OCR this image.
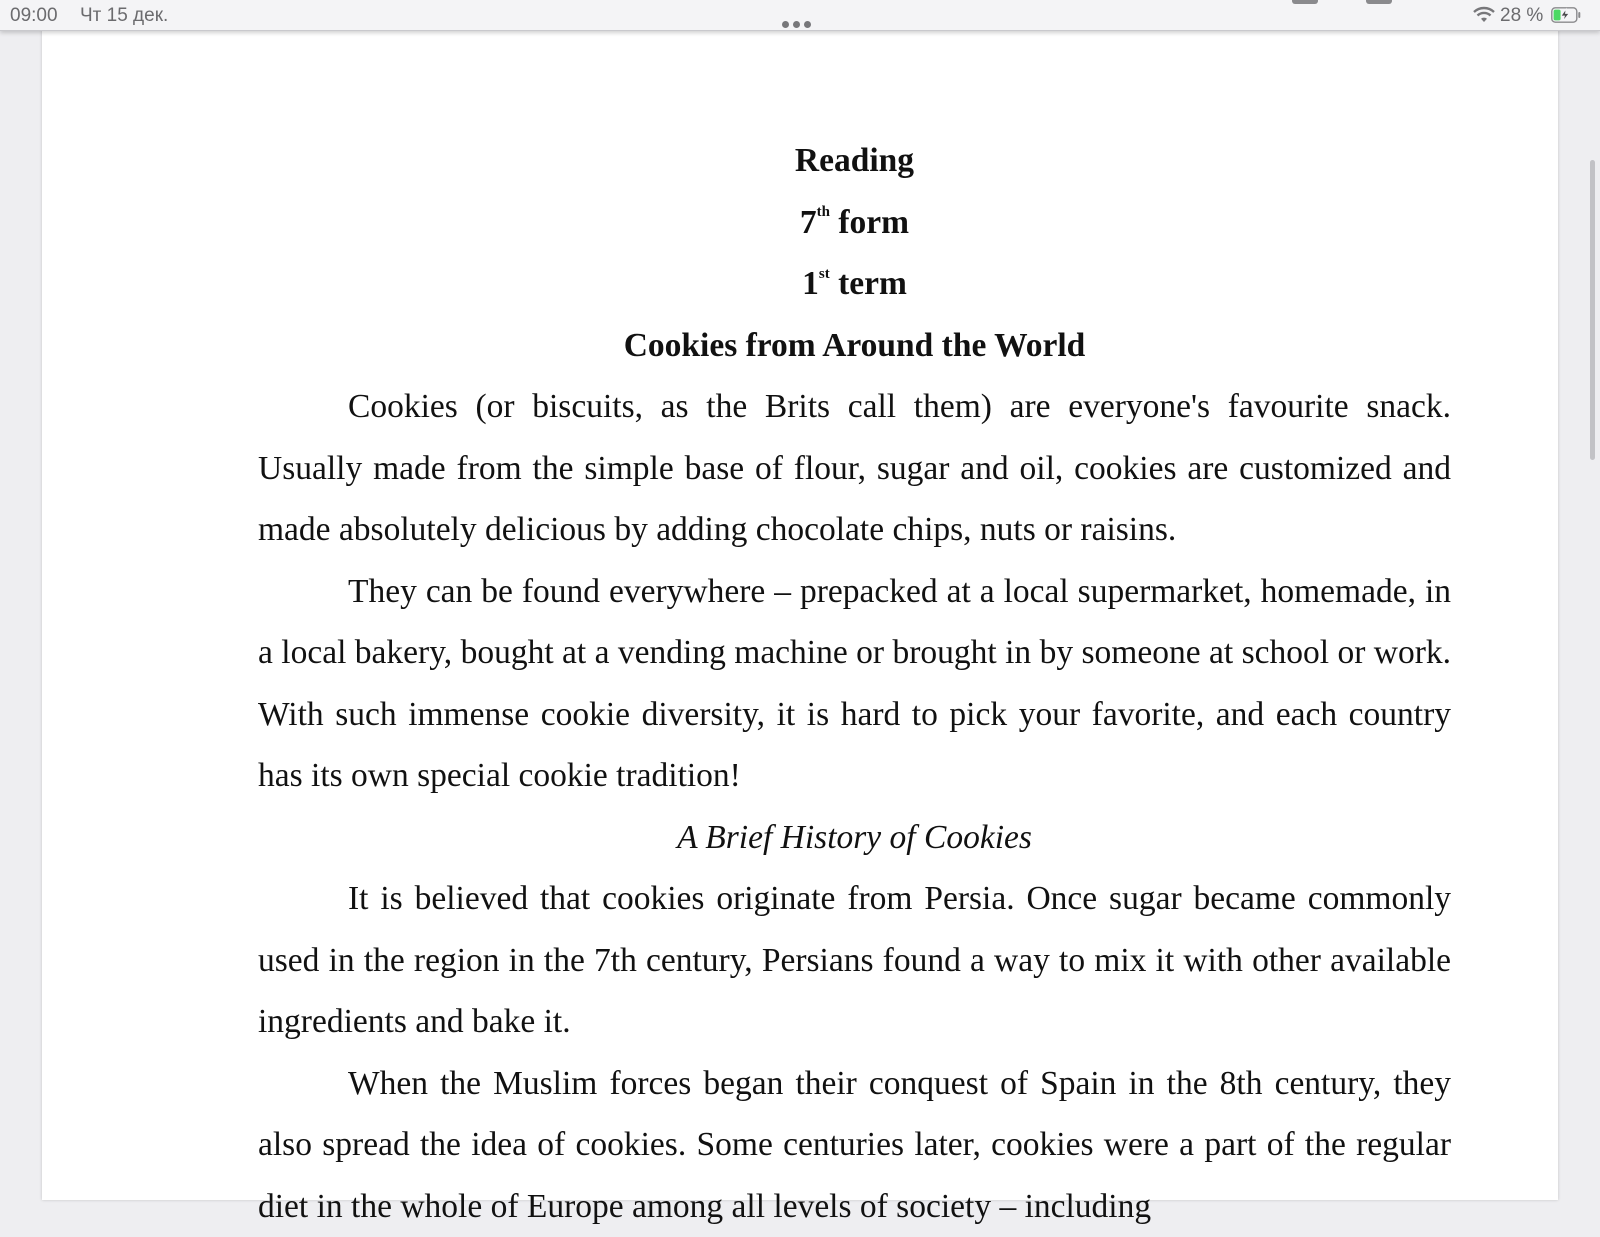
09:00 Чт 15 дек.	28 %
Reading
7th form
1st term
Cookies from Around the World

Cookies (or biscuits, as the Brits call them) are everyone's favourite snack. Usually made from the simple base of flour, sugar and oil, cookies are customized and made absolutely delicious by adding chocolate chips, nuts or raisins.

They can be found everywhere – prepacked at a local supermarket, homemade, in a local bakery, bought at a vending machine or brought in by someone at school or work. With such immense cookie diversity, it is hard to pick your favorite, and each country has its own special cookie tradition!

A Brief History of Cookies

It is believed that cookies originate from Persia. Once sugar became commonly used in the region in the 7th century, Persians found a way to mix it with other available ingredients and bake it.

When the Muslim forces began their conquest of Spain in the 8th century, they also spread the idea of cookies. Some centuries later, cookies were a part of the regular diet in the whole of Europe among all levels of society – including
